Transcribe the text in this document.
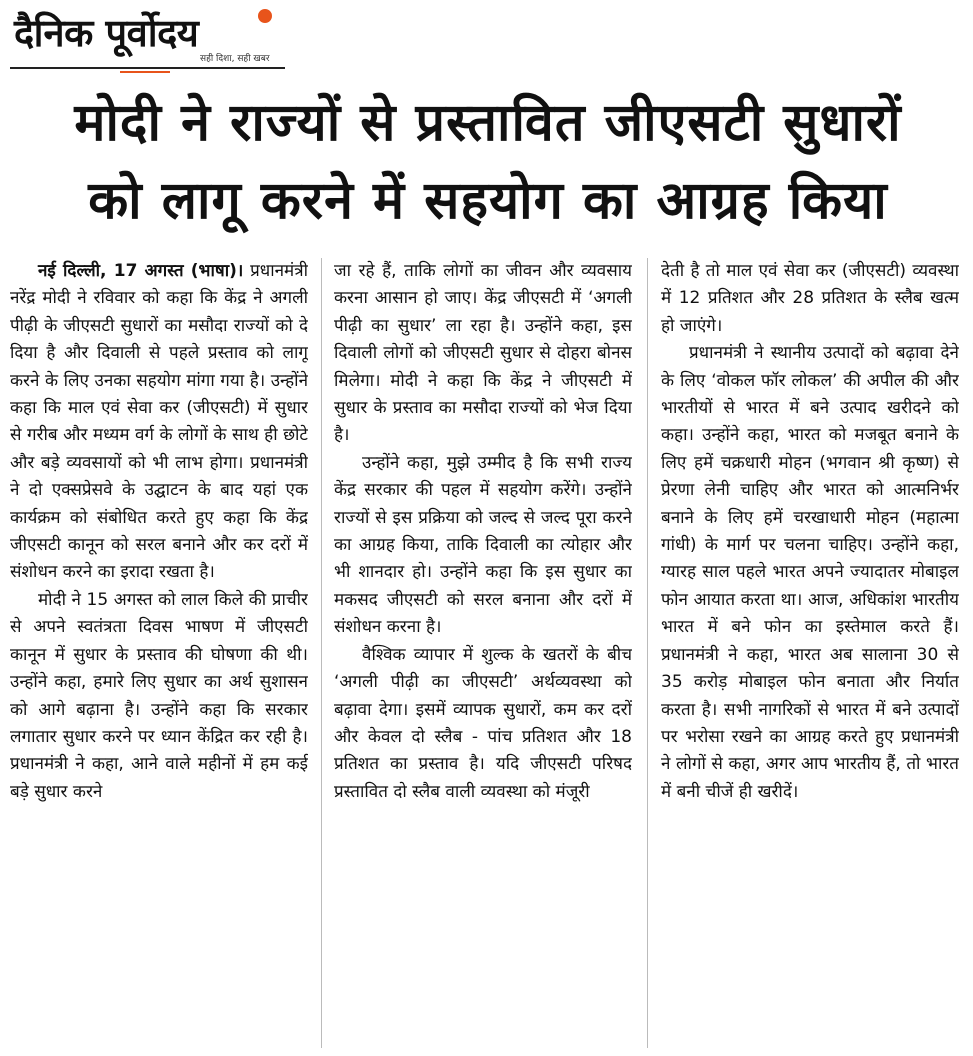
दैनिक पूर्वोदय
सही दिशा, सही खबर
मोदी ने राज्यों से प्रस्तावित जीएसटी सुधारों
को लागू करने में सहयोग का आग्रह किया

नई दिल्ली, 17 अगस्त (भाषा)। प्रधानमंत्री नरेंद्र मोदी ने रविवार को कहा कि केंद्र ने अगली पीढ़ी के जीएसटी सुधारों का मसौदा राज्यों को दे दिया है और दिवाली से पहले प्रस्ताव को लागू करने के लिए उनका सहयोग मांगा गया है। उन्होंने कहा कि माल एवं सेवा कर (जीएसटी) में सुधार से गरीब और मध्यम वर्ग के लोगों के साथ ही छोटे और बड़े व्यवसायों को भी लाभ होगा। प्रधानमंत्री ने दो एक्सप्रेसवे के उद्घाटन के बाद यहां एक कार्यक्रम को संबोधित करते हुए कहा कि केंद्र जीएसटी कानून को सरल बनाने और कर दरों में संशोधन करने का इरादा रखता है।

मोदी ने 15 अगस्त को लाल किले की प्राचीर से अपने स्वतंत्रता दिवस भाषण में जीएसटी कानून में सुधार के प्रस्ताव की घोषणा की थी। उन्होंने कहा, हमारे लिए सुधार का अर्थ सुशासन को आगे बढ़ाना है। उन्होंने कहा कि सरकार लगातार सुधार करने पर ध्यान केंद्रित कर रही है। प्रधानमंत्री ने कहा, आने वाले महीनों में हम कई बड़े सुधार करने

जा रहे हैं, ताकि लोगों का जीवन और व्यवसाय करना आसान हो जाए। केंद्र जीएसटी में ‘अगली पीढ़ी का सुधार’ ला रहा है। उन्होंने कहा, इस दिवाली लोगों को जीएसटी सुधार से दोहरा बोनस मिलेगा। मोदी ने कहा कि केंद्र ने जीएसटी में सुधार के प्रस्ताव का मसौदा राज्यों को भेज दिया है।

उन्होंने कहा, मुझे उम्मीद है कि सभी राज्य केंद्र सरकार की पहल में सहयोग करेंगे। उन्होंने राज्यों से इस प्रक्रिया को जल्द से जल्द पूरा करने का आग्रह किया, ताकि दिवाली का त्योहार और भी शानदार हो। उन्होंने कहा कि इस सुधार का मकसद जीएसटी को सरल बनाना और दरों में संशोधन करना है।

वैश्विक व्यापार में शुल्क के खतरों के बीच ‘अगली पीढ़ी का जीएसटी’ अर्थव्यवस्था को बढ़ावा देगा। इसमें व्यापक सुधारों, कम कर दरों और केवल दो स्लैब - पांच प्रतिशत और 18 प्रतिशत का प्रस्ताव है। यदि जीएसटी परिषद प्रस्तावित दो स्लैब वाली व्यवस्था को मंजूरी

देती है तो माल एवं सेवा कर (जीएसटी) व्यवस्था में 12 प्रतिशत और 28 प्रतिशत के स्लैब खत्म हो जाएंगे।

प्रधानमंत्री ने स्थानीय उत्पादों को बढ़ावा देने के लिए ‘वोकल फॉर लोकल’ की अपील की और भारतीयों से भारत में बने उत्पाद खरीदने को कहा। उन्होंने कहा, भारत को मजबूत बनाने के लिए हमें चक्रधारी मोहन (भगवान श्री कृष्ण) से प्रेरणा लेनी चाहिए और भारत को आत्मनिर्भर बनाने के लिए हमें चरखाधारी मोहन (महात्मा गांधी) के मार्ग पर चलना चाहिए। उन्होंने कहा, ग्यारह साल पहले भारत अपने ज्यादातर मोबाइल फोन आयात करता था। आज, अधिकांश भारतीय भारत में बने फोन का इस्तेमाल करते हैं। प्रधानमंत्री ने कहा, भारत अब सालाना 30 से 35 करोड़ मोबाइल फोन बनाता और निर्यात करता है। सभी नागरिकों से भारत में बने उत्पादों पर भरोसा रखने का आग्रह करते हुए प्रधानमंत्री ने लोगों से कहा, अगर आप भारतीय हैं, तो भारत में बनी चीजें ही खरीदें।
